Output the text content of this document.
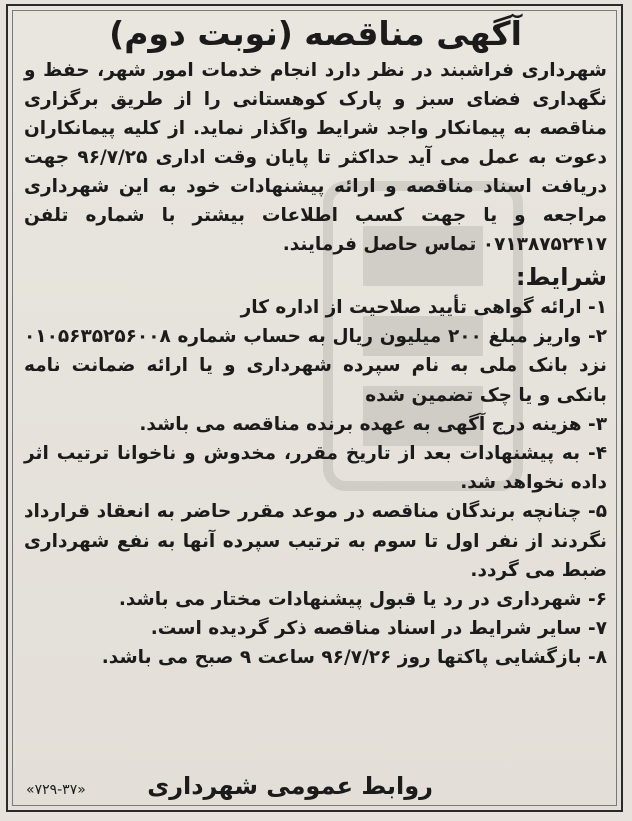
آگهی مناقصه (نوبت دوم)

شهرداری فراشبند در نظر دارد انجام خدمات امور شهر، حفظ و نگهداری فضای سبز و پارک کوهستانی را از طریق برگزاری مناقصه به پیمانکار واجد شرایط واگذار نماید. از کلیه پیمانکاران دعوت به عمل می آید حداکثر تا پایان وقت اداری ۹۶/۷/۲۵ جهت دریافت اسناد مناقصه و ارائه پیشنهادات خود به این شهرداری مراجعه و یا جهت کسب اطلاعات بیشتر با شماره تلفن ۰۷۱۳۸۷۵۲۴۱۷ تماس حاصل فرمایند.

شرایط:
۱- ارائه گواهی تأیید صلاحیت از اداره کار
۲- واریز مبلغ ۲۰۰ میلیون ریال به حساب شماره ۰۱۰۵۶۳۵۲۵۶۰۰۸ نزد بانک ملی به نام سپرده شهرداری و یا ارائه ضمانت نامه بانکی و یا چک تضمین شده
۳- هزینه درج آگهی به عهده برنده مناقصه می باشد.
۴- به پیشنهادات بعد از تاریخ مقرر، مخدوش و ناخوانا ترتیب اثر داده نخواهد شد.
۵- چنانچه برندگان مناقصه در موعد مقرر حاضر به انعقاد قرارداد نگردند از نفر اول تا سوم به ترتیب سپرده آنها به نفع شهرداری ضبط می گردد.
۶- شهرداری در رد یا قبول پیشنهادات مختار می باشد.
۷- سایر شرایط در اسناد مناقصه ذکر گردیده است.
۸- بازگشایی پاکتها روز ۹۶/۷/۲۶ ساعت ۹ صبح می باشد.
روابط عمومی شهرداری
«۷۲۹-۳۷»
